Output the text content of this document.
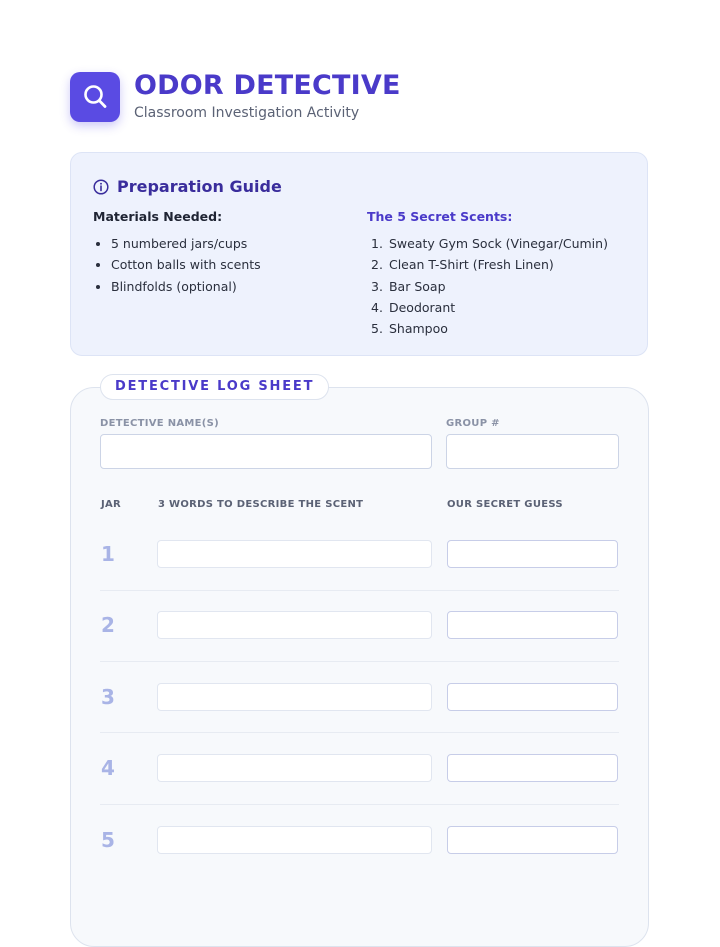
ODOR DETECTIVE
Classroom Investigation Activity
Preparation Guide
Materials Needed:
• 5 numbered jars/cups
• Cotton balls with scents
• Blindfolds (optional)
The 5 Secret Scents:
1. Sweaty Gym Sock (Vinegar/Cumin)
2. Clean T-Shirt (Fresh Linen)
3. Bar Soap
4. Deodorant
5. Shampoo
DETECTIVE LOG SHEET
DETECTIVE NAME(S)	GROUP #
JAR	3 WORDS TO DESCRIBE THE SCENT	OUR SECRET GUESS
1
2
3
4
5
